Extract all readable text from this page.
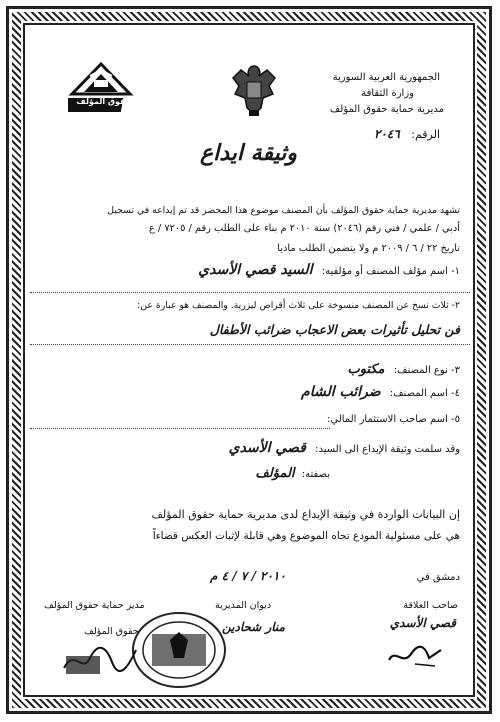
حقوق المؤلف
الجمهورية العربية السورية
وزارة الثقافة
مديرية حماية حقوق المؤلف
الرقم: ٢٠٤٦
وثيقة ايداع
تشهد مديرية حماية حقوق المؤلف بأن المصنف موضوع هذا المحضر قد تم إيداعه في تسجيل
أدبي / علمي / فني رقم (٢٠٤٦) سنة ٢٠١٠ م بناء على الطلب رقم / ٧٢٠٥ / ع
تاريخ ٢٢ / ٦ / ٢٠٠٩ م ولا يتضمن الطلب ماديا
١- اسم مؤلف المصنف أو مؤلفيه: السيد قصي الأسدي
٢- ثلاث نسخ عن المصنف منسوخة على ثلاث أقراص ليزرية. والمصنف هو عبارة عن:
فن تحليل تأثيرات بعض الاعجاب ضرائب الأطفال
٣- نوع المصنف: مكتوب
٤- اسم المصنف: ضرائب الشام
٥- اسم صاحب الاستثمار المالي:
وقد سلمت وثيقة الإيداع الى السيد: قصي الأسدي
بصفته: المؤلف
إن البيانات الواردة في وثيقة الإيداع لدى مديرية حماية حقوق المؤلف
هي على مسئولية المودع تجاه الموضوع وهي قابلة لإثبات العكس قضاءاً
دمشق في
٢٠١٠ / ٧ / ٤ م
صاحب العلاقة
ديوان المديرية
مدير حماية حقوق المؤلف
قصي الأسدي
منار شحادين
حقوق المؤلف
